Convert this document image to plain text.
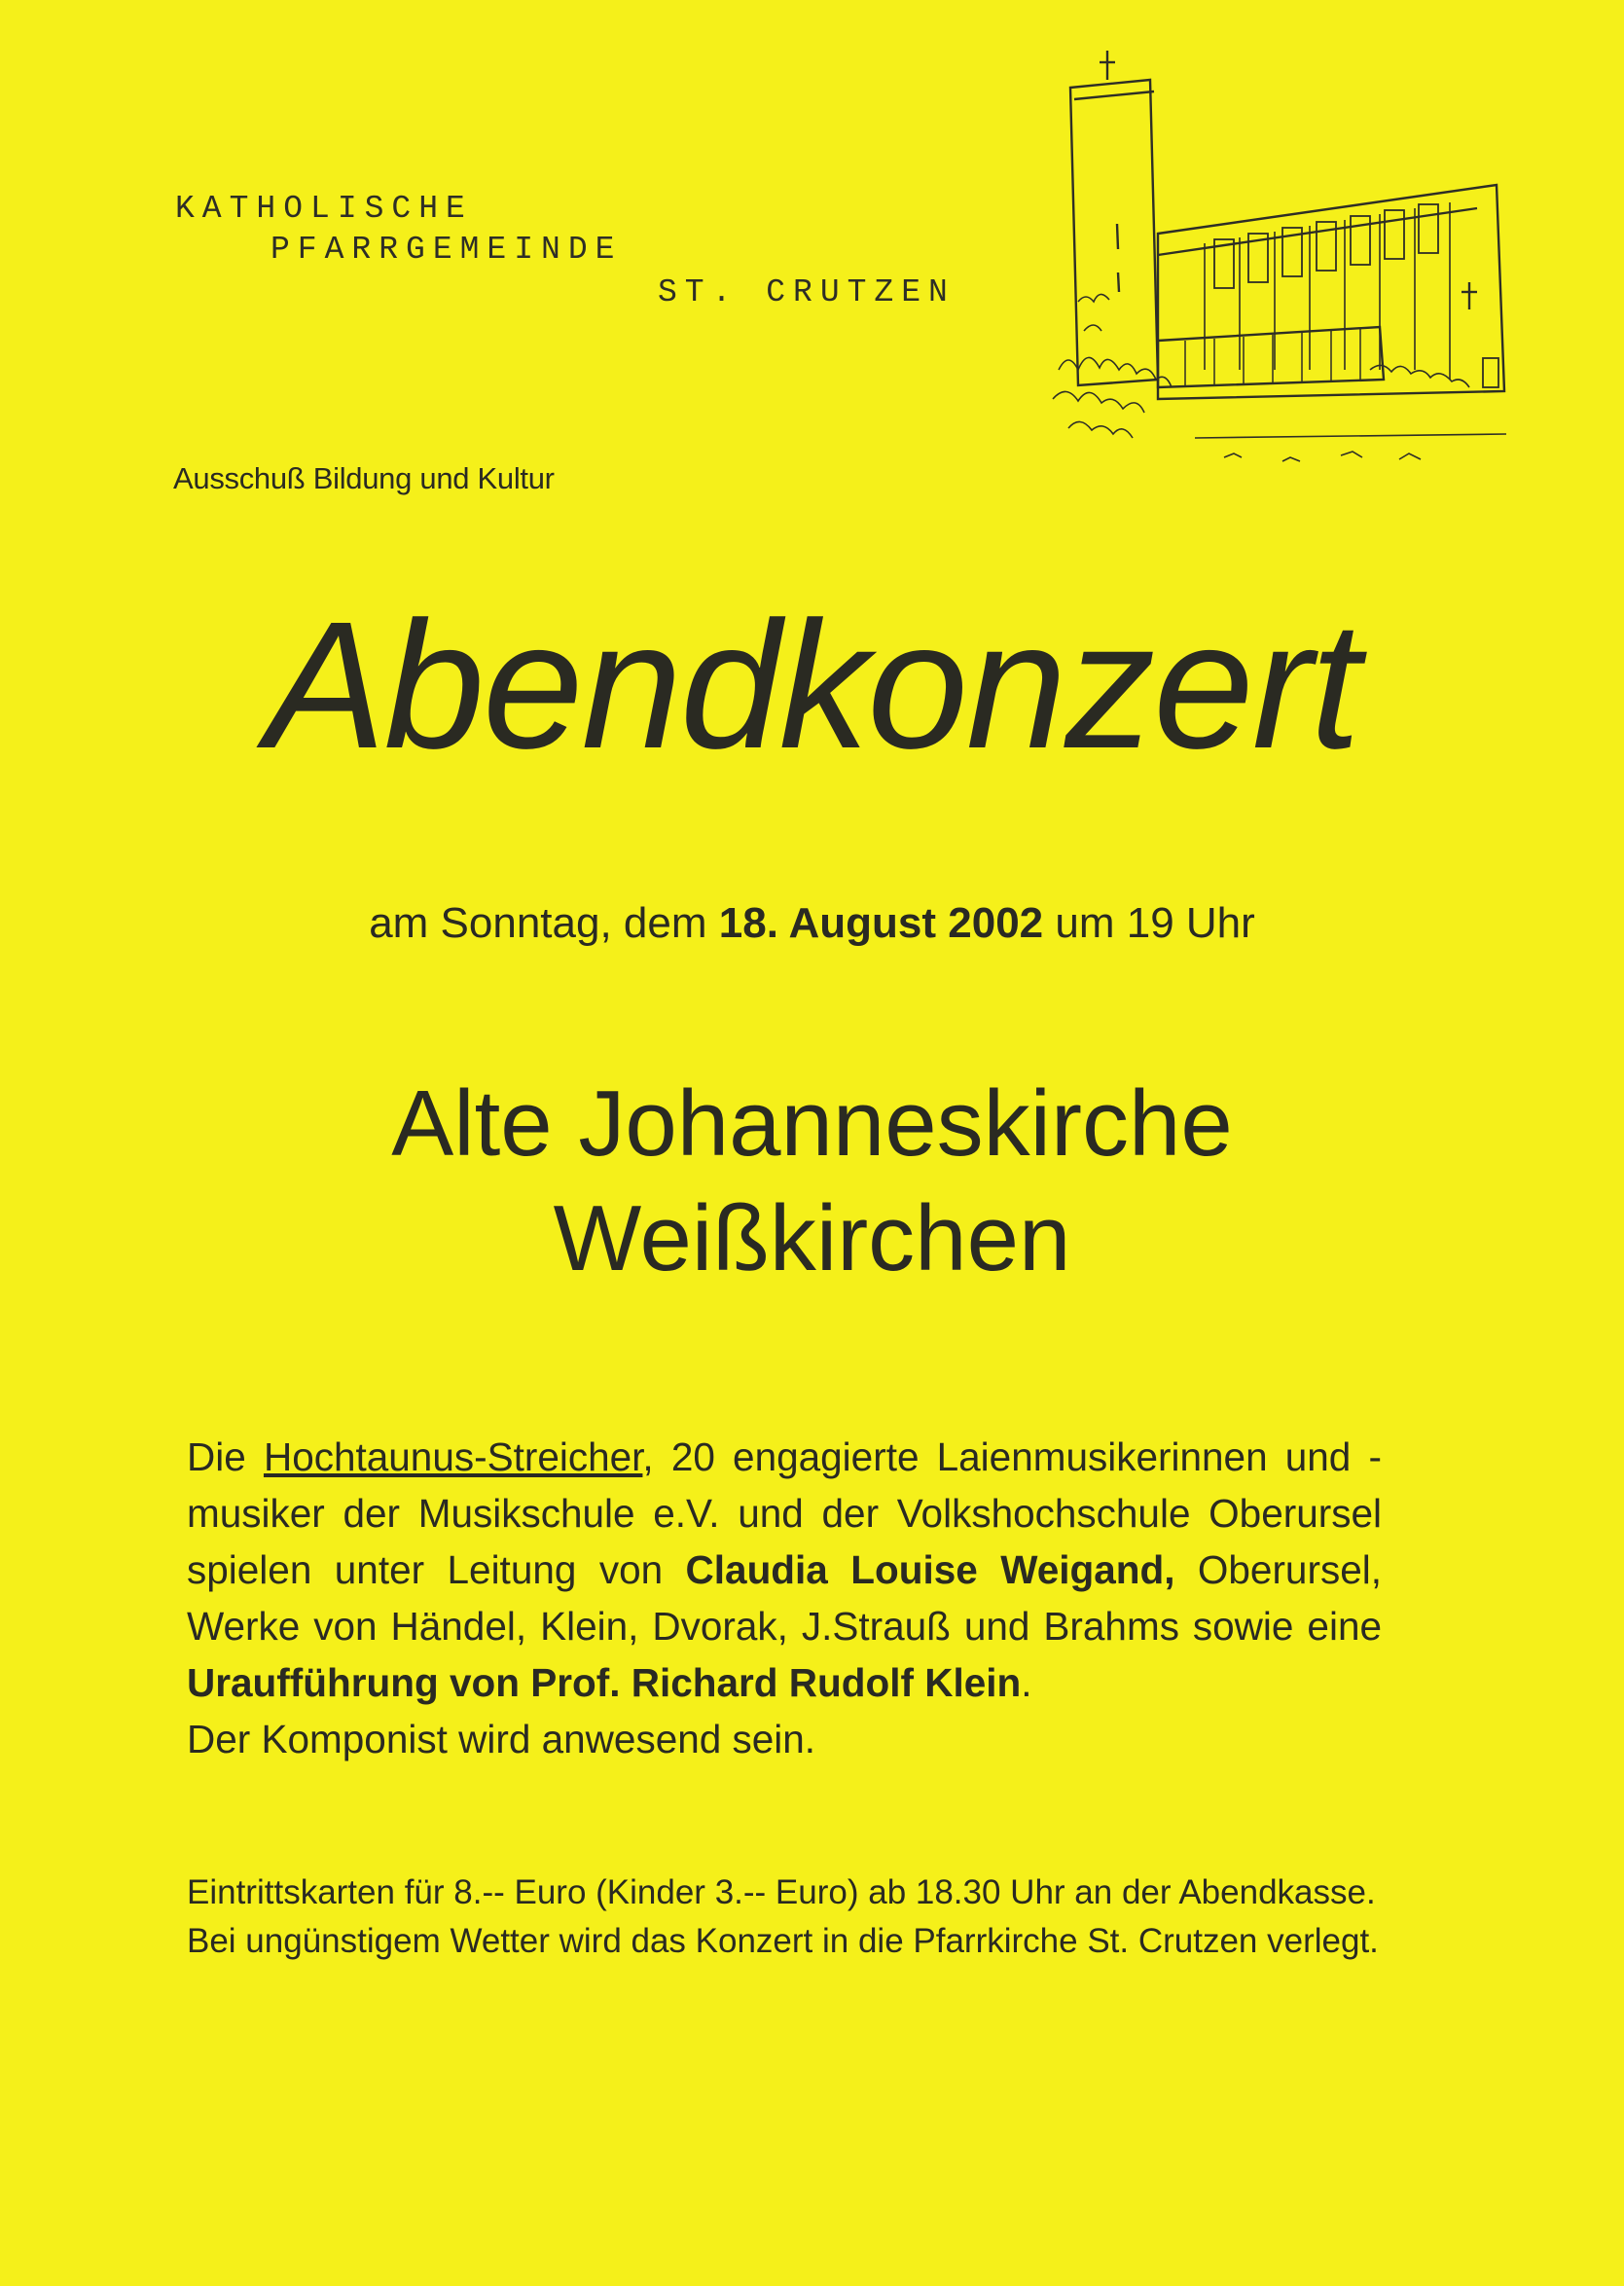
KATHOLISCHE

PFARRGEMEINDE

ST. CRUTZEN

Ausschuß Bildung und Kultur

Abendkonzert

am Sonntag, dem 18. August 2002 um 19 Uhr

Alte Johanneskirche
Weißkirchen

Die Hochtaunus-Streicher, 20 engagierte Laienmusikerinnen und -musiker der Musikschule e.V. und der Volkshochschule Oberursel spielen unter Leitung von Claudia Louise Weigand, Oberursel, Werke von Händel, Klein, Dvorak, J.Strauß und Brahms sowie eine Uraufführung von Prof. Richard Rudolf Klein.
Der Komponist wird anwesend sein.

Eintrittskarten für 8.-- Euro (Kinder 3.-- Euro) ab 18.30 Uhr an der Abendkasse. Bei ungünstigem Wetter wird das Konzert in die Pfarrkirche St. Crutzen verlegt.
